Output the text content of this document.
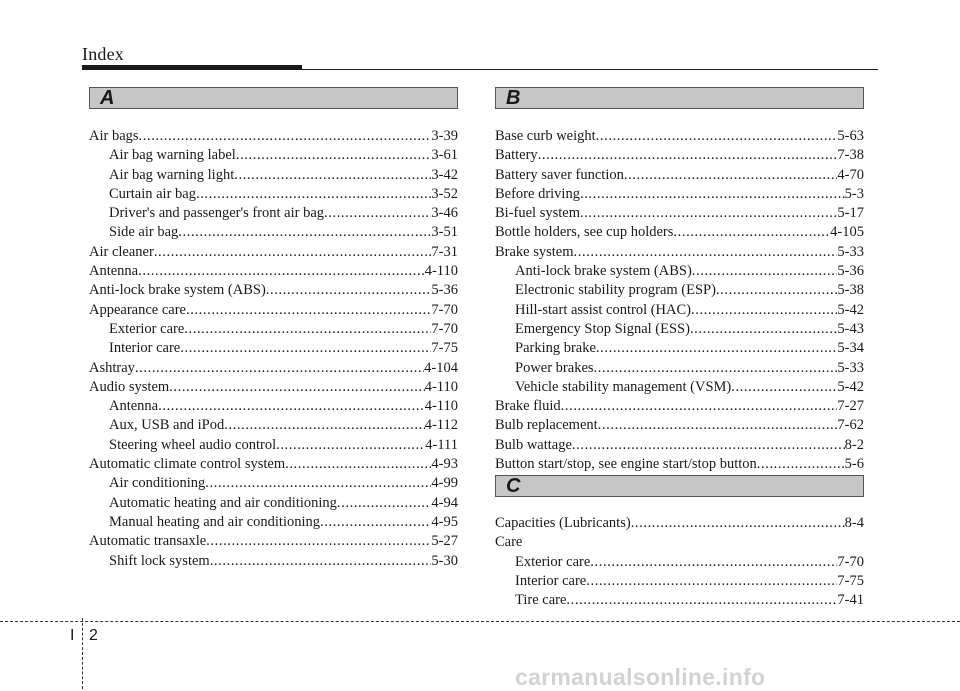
Index
A	B
C
Air bags .....	3-39
Air bag warning label .....	3-61
Air bag warning light .....	3-42
Curtain air bag .....	3-52
Driver's and passenger's front air bag .....	3-46
Side air bag .....	3-51
Air cleaner .....	7-31
Antenna .....	4-110
Anti-lock brake system (ABS) .....	5-36
Appearance care .....	7-70
Exterior care .....	7-70
Interior care .....	7-75
Ashtray .....	4-104
Audio system .....	4-110
Antenna .....	4-110
Aux, USB and iPod .....	4-112
Steering wheel audio control .....	4-111
Automatic climate control system .....	4-93
Air conditioning .....	4-99
Automatic heating and air conditioning .....	4-94
Manual heating and air conditioning .....	4-95
Automatic transaxle .....	5-27
Shift lock system .....	5-30
Base curb weight .....	5-63
Battery .....	7-38
Battery saver function .....	4-70
Before driving .....	5-3
Bi-fuel system .....	5-17
Bottle holders, see cup holders .....	4-105
Brake system .....	5-33
Anti-lock brake system (ABS) .....	5-36
Electronic stability program (ESP) .....	5-38
Hill-start assist control (HAC) .....	5-42
Emergency Stop Signal (ESS) .....	5-43
Parking brake .....	5-34
Power brakes .....	5-33
Vehicle stability management (VSM) .....	5-42
Brake fluid .....	7-27
Bulb replacement .....	7-62
Bulb wattage .....	8-2
Button start/stop, see engine start/stop button .....	5-6
Capacities (Lubricants) .....	8-4
Care
Exterior care .....	7-70
Interior care .....	7-75
Tire care .....	7-41
I 2
carmanualsonline.info
